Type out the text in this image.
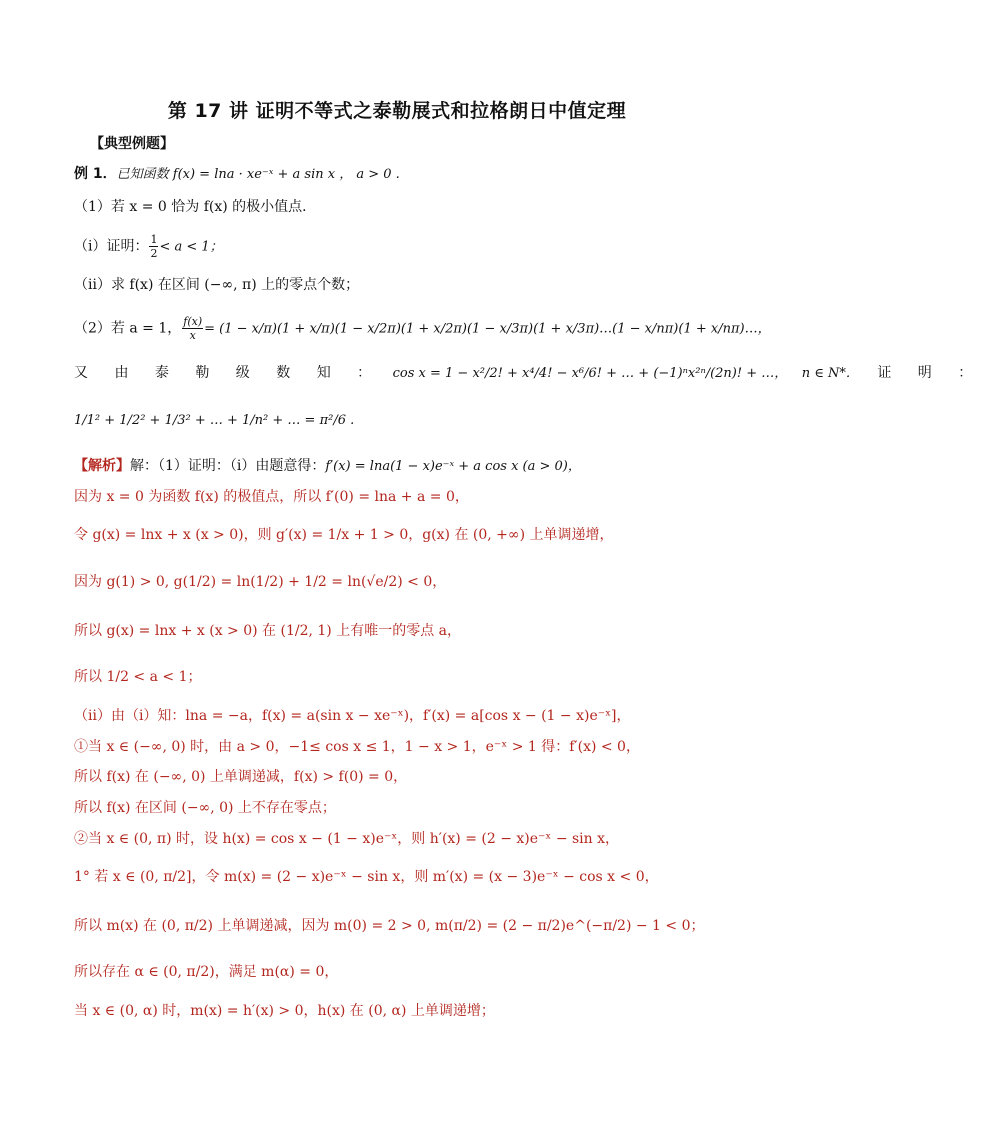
第 17 讲 证明不等式之泰勒展式和拉格朗日中值定理
【典型例题】
例 1．已知函数 f(x) = lna · xe⁻ˣ + a sin x ， a > 0 .
（1）若 x = 0 恰为 f(x) 的极小值点．
（ⅰ）证明： $\frac{1}{2} < a < 1$；
（ⅱ）求 f(x) 在区间 (−∞, π) 上的零点个数；
（2）若 a = 1， $\frac{f(x)}{x} = (1 - x/\pi)(1 + x/\pi)(1 - x/2\pi)(1 + x/2\pi)(1 - x/3\pi)(1$ + x/3π)…(1 − x/nπ)(1 + x/nπ)…，
又 由 泰 勒 级 数 知 ： cos x = 1 − x²/2! + x⁴/4! − x⁶/6! + … + (−1)ⁿx²ⁿ/(2n)! + …， n ∈ N*． 证 明 ：
1/1² + 1/2² + 1/3² + … + 1/n² + … = π²/6 .
【解析】解：（1）证明：（ⅰ）由题意得：f′(x) = lna(1 − x)e⁻ˣ + a cos x (a > 0)，
因为 x = 0 为函数 f(x) 的极值点，所以 f′(0) = lna + a = 0，
令 g(x) = lnx + x (x > 0)，则 g′(x) = 1/x + 1 > 0，g(x) 在 (0, +∞) 上单调递增，
因为 g(1) > 0, g(1/2) = ln(1/2) + 1/2 = ln(√e/2) < 0，
所以 g(x) = lnx + x (x > 0) 在 (1/2, 1) 上有唯一的零点 a，
所以 1/2 < a < 1；
（ⅱ）由（ⅰ）知：lna = −a，f(x) = a(sin x − xe⁻ˣ)，f′(x) = a[cos x − (1 − x)e⁻ˣ]，
①当 x ∈ (−∞, 0) 时，由 a > 0，−1≤ cos x ≤ 1，1 − x > 1，e⁻ˣ > 1 得：f′(x) < 0，
所以 f(x) 在 (−∞, 0) 上单调递减，f(x) > f(0) = 0，
所以 f(x) 在区间 (−∞, 0) 上不存在零点；
②当 x ∈ (0, π) 时，设 h(x) = cos x − (1 − x)e⁻ˣ，则 h′(x) = (2 − x)e⁻ˣ − sin x，
1° 若 x ∈ (0, π/2]，令 m(x) = (2 − x)e⁻ˣ − sin x，则 m′(x) = (x − 3)e⁻ˣ − cos x < 0，
所以 m(x) 在 (0, π/2) 上单调递减，因为 m(0) = 2 > 0, m(π/2) = (2 − π/2)e^(−π/2) − 1 < 0；
所以存在 α ∈ (0, π/2)，满足 m(α) = 0，
当 x ∈ (0, α) 时，m(x) = h′(x) > 0，h(x) 在 (0, α) 上单调递增；
